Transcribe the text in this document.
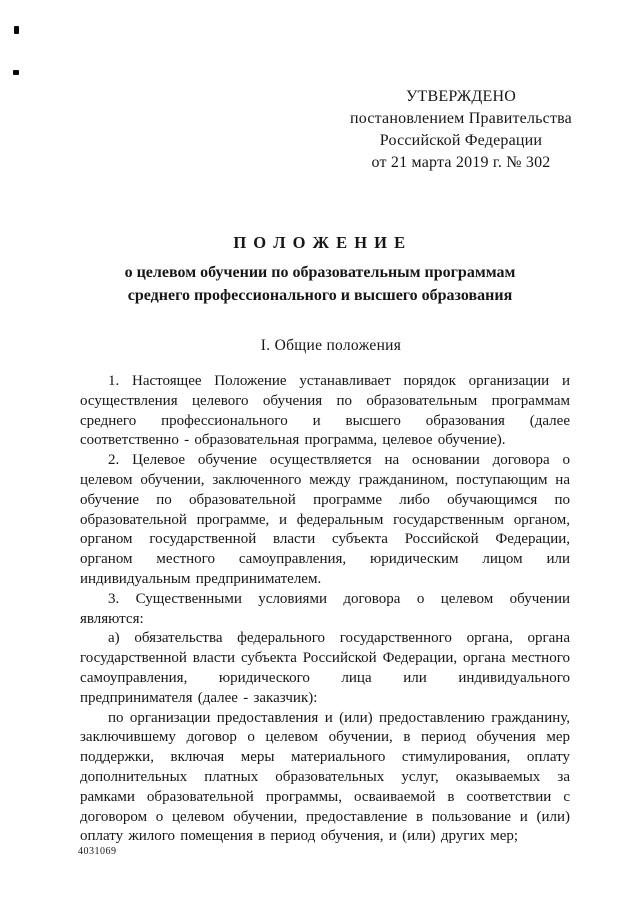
УТВЕРЖДЕНО
постановлением Правительства
Российской Федерации
от 21 марта 2019 г. № 302
П О Л О Ж Е Н И Е
о целевом обучении по образовательным программам
среднего профессионального и высшего образования
I. Общие положения

1. Настоящее Положение устанавливает порядок организации и осуществления целевого обучения по образовательным программам среднего профессионального и высшего образования (далее соответственно - образовательная программа, целевое обучение).

2. Целевое обучение осуществляется на основании договора о целевом обучении, заключенного между гражданином, поступающим на обучение по образовательной программе либо обучающимся по образовательной программе, и федеральным государственным органом, органом государственной власти субъекта Российской Федерации, органом местного самоуправления, юридическим лицом или индивидуальным предпринимателем.

3. Существенными условиями договора о целевом обучении являются:

а) обязательства федерального государственного органа, органа государственной власти субъекта Российской Федерации, органа местного самоуправления, юридического лица или индивидуального предпринимателя (далее - заказчик):

по организации предоставления и (или) предоставлению гражданину, заключившему договор о целевом обучении, в период обучения мер поддержки, включая меры материального стимулирования, оплату дополнительных платных образовательных услуг, оказываемых за рамками образовательной программы, осваиваемой в соответствии с договором о целевом обучении, предоставление в пользование и (или) оплату жилого помещения в период обучения, и (или) других мер;

4031069
